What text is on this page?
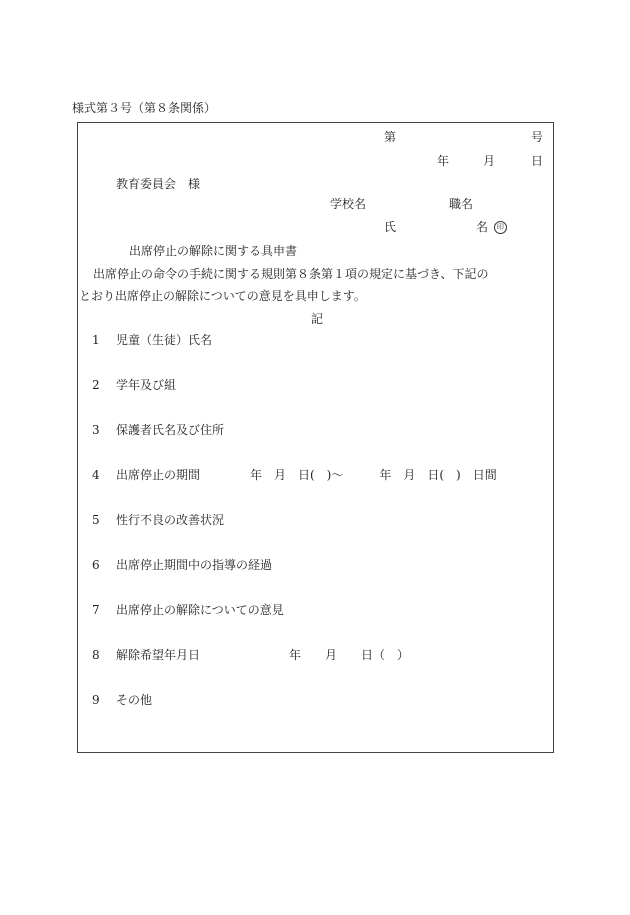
様式第３号（第８条関係）
第	号
年	月	日
教育委員会　様
学校名	職名
氏	名 印
出席停止の解除に関する具申書
出席停止の命令の手続に関する規則第８条第１項の規定に基づき、下記の
とおり出席停止の解除についての意見を具申します。
記
1 児童（生徒）氏名
2 学年及び組
3 保護者氏名及び住所
4 出席停止の期間	年　月　日(　)～　　　年　月　日(　)　日間
5 性行不良の改善状況
6 出席停止期間中の指導の経過
7 出席停止の解除についての意見
8 解除希望年月日	年　　月　　日（　）
9 その他
